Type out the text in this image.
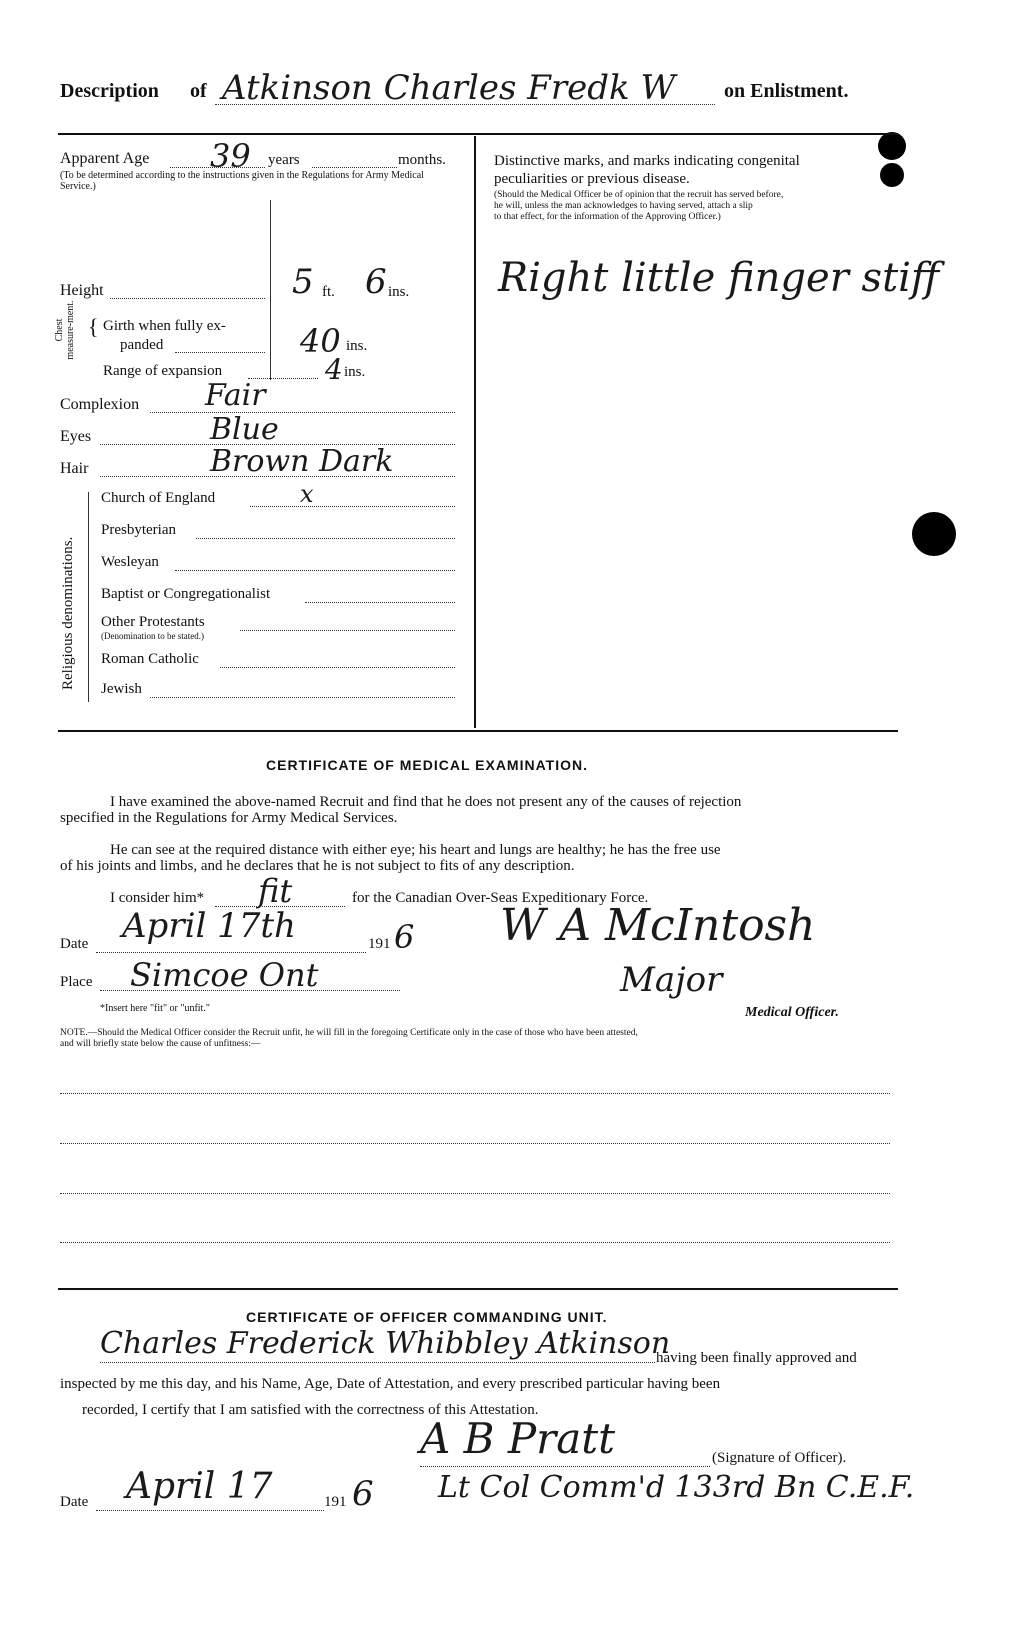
Description of Atkinson Charles Fredk W on Enlistment.
Apparent Age 39 years	months.
(To be determined according to the instructions given in the Regulations for Army Medical Service.)
Height	5 ft. 6 ins.
Chest measure-ment. { Girth when fully ex-
panded	40 ins.
Range of expansion	4 ins.
Complexion Fair
Eyes	Blue
Hair	Brown Dark
Religious denominations.
Church of England	x
Presbyterian
Wesleyan
Baptist or Congregationalist
Other Protestants
(Denomination to be stated.)
Roman Catholic
Jewish
Distinctive marks, and marks indicating congenital
peculiarities or previous disease.
(Should the Medical Officer be of opinion that the recruit has served before,
he will, unless the man acknowledges to having served, attach a slip
to that effect, for the information of the Approving Officer.)
Right little finger stiff
CERTIFICATE OF MEDICAL EXAMINATION.
I have examined the above-named Recruit and find that he does not present any of the causes of rejection
specified in the Regulations for Army Medical Services.
He can see at the required distance with either eye; his heart and lungs are healthy; he has the free use
of his joints and limbs, and he declares that he is not subject to fits of any description.
I consider him* fit	for the Canadian Over-Seas Expeditionary Force.
Date April 17th	191 6 W A McIntosh
Place Simcoe Ont	Major
*Insert here "fit" or "unfit."	Medical Officer.
NOTE.—Should the Medical Officer consider the Recruit unfit, he will fill in the foregoing Certificate only in the case of those who have been attested,
and will briefly state below the cause of unfitness:—
CERTIFICATE OF OFFICER COMMANDING UNIT.
Charles Frederick Whibbley Atkinson
having been finally approved and
inspected by me this day, and his Name, Age, Date of Attestation, and every prescribed particular having been
recorded, I certify that I am satisfied with the correctness of this Attestation.
A B Pratt	(Signature of Officer).
Date April 17	191 6 Lt Col Comm'd 133rd Bn C.E.F.
